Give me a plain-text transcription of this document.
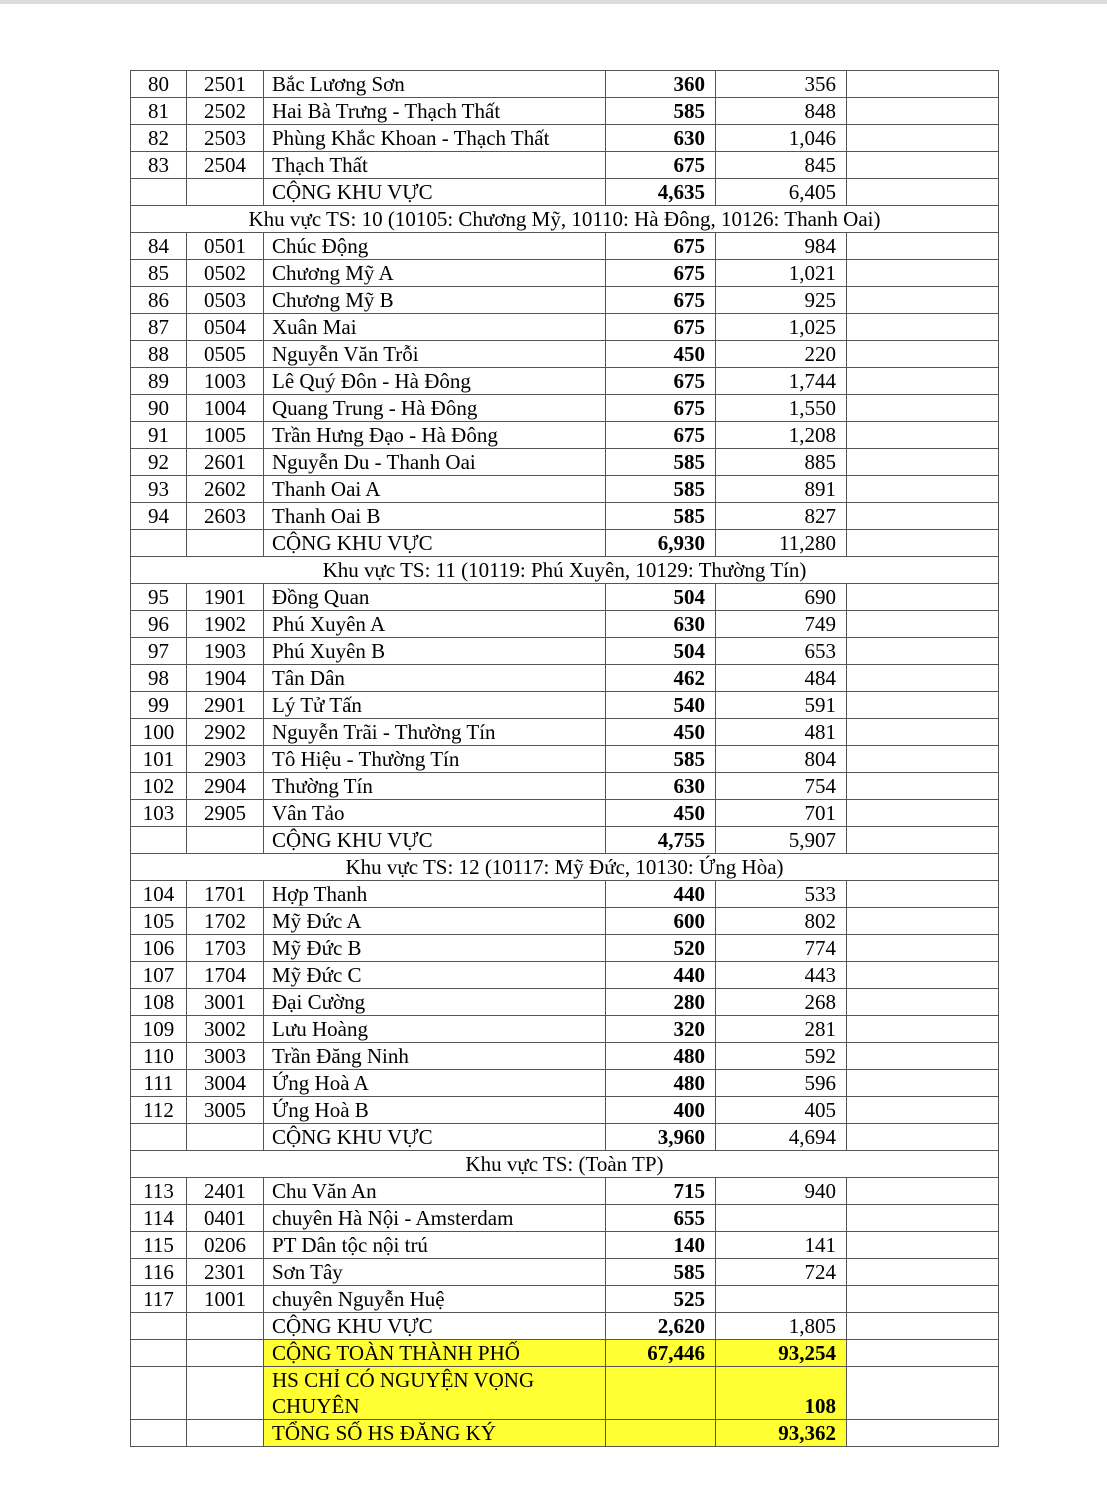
80	2501	Bắc Lương Sơn	360	356	
81	2502	Hai Bà Trưng - Thạch Thất	585	848	
82	2503	Phùng Khắc Khoan - Thạch Thất	630	1,046	
83	2504	Thạch Thất	675	845	
		CỘNG KHU VỰC	4,635	6,405	
Khu vực TS: 10 (10105: Chương Mỹ, 10110: Hà Đông, 10126: Thanh Oai)					
84	0501	Chúc Động	675	984	
85	0502	Chương Mỹ A	675	1,021	
86	0503	Chương Mỹ B	675	925	
87	0504	Xuân Mai	675	1,025	
88	0505	Nguyễn Văn Trỗi	450	220	
89	1003	Lê Quý Đôn - Hà Đông	675	1,744	
90	1004	Quang Trung - Hà Đông	675	1,550	
91	1005	Trần Hưng Đạo - Hà Đông	675	1,208	
92	2601	Nguyễn Du - Thanh Oai	585	885	
93	2602	Thanh Oai A	585	891	
94	2603	Thanh Oai B	585	827	
		CỘNG KHU VỰC	6,930	11,280	
Khu vực TS: 11 (10119: Phú Xuyên, 10129: Thường Tín)					
95	1901	Đồng Quan	504	690	
96	1902	Phú Xuyên A	630	749	
97	1903	Phú Xuyên B	504	653	
98	1904	Tân Dân	462	484	
99	2901	Lý Tử Tấn	540	591	
100	2902	Nguyễn Trãi - Thường Tín	450	481	
101	2903	Tô Hiệu - Thường Tín	585	804	
102	2904	Thường Tín	630	754	
103	2905	Vân Tảo	450	701	
		CỘNG KHU VỰC	4,755	5,907	
Khu vực TS: 12 (10117: Mỹ Đức, 10130: Ứng Hòa)					
104	1701	Hợp Thanh	440	533	
105	1702	Mỹ Đức A	600	802	
106	1703	Mỹ Đức B	520	774	
107	1704	Mỹ Đức C	440	443	
108	3001	Đại Cường	280	268	
109	3002	Lưu Hoàng	320	281	
110	3003	Trần Đăng Ninh	480	592	
111	3004	Ứng Hoà A	480	596	
112	3005	Ứng Hoà B	400	405	
		CỘNG KHU VỰC	3,960	4,694	
Khu vực TS: (Toàn TP)					
113	2401	Chu Văn An	715	940	
114	0401	chuyên Hà Nội - Amsterdam	655		
115	0206	PT Dân tộc nội trú	140	141	
116	2301	Sơn Tây	585	724	
117	1001	chuyên Nguyễn Huệ	525		
		CỘNG KHU VỰC	2,620	1,805	
		CỘNG TOÀN THÀNH PHỐ	67,446	93,254	
		HS CHỈ CÓ NGUYỆN VỌNG CHUYÊN		108	
		TỔNG SỐ HS ĐĂNG KÝ		93,362	
